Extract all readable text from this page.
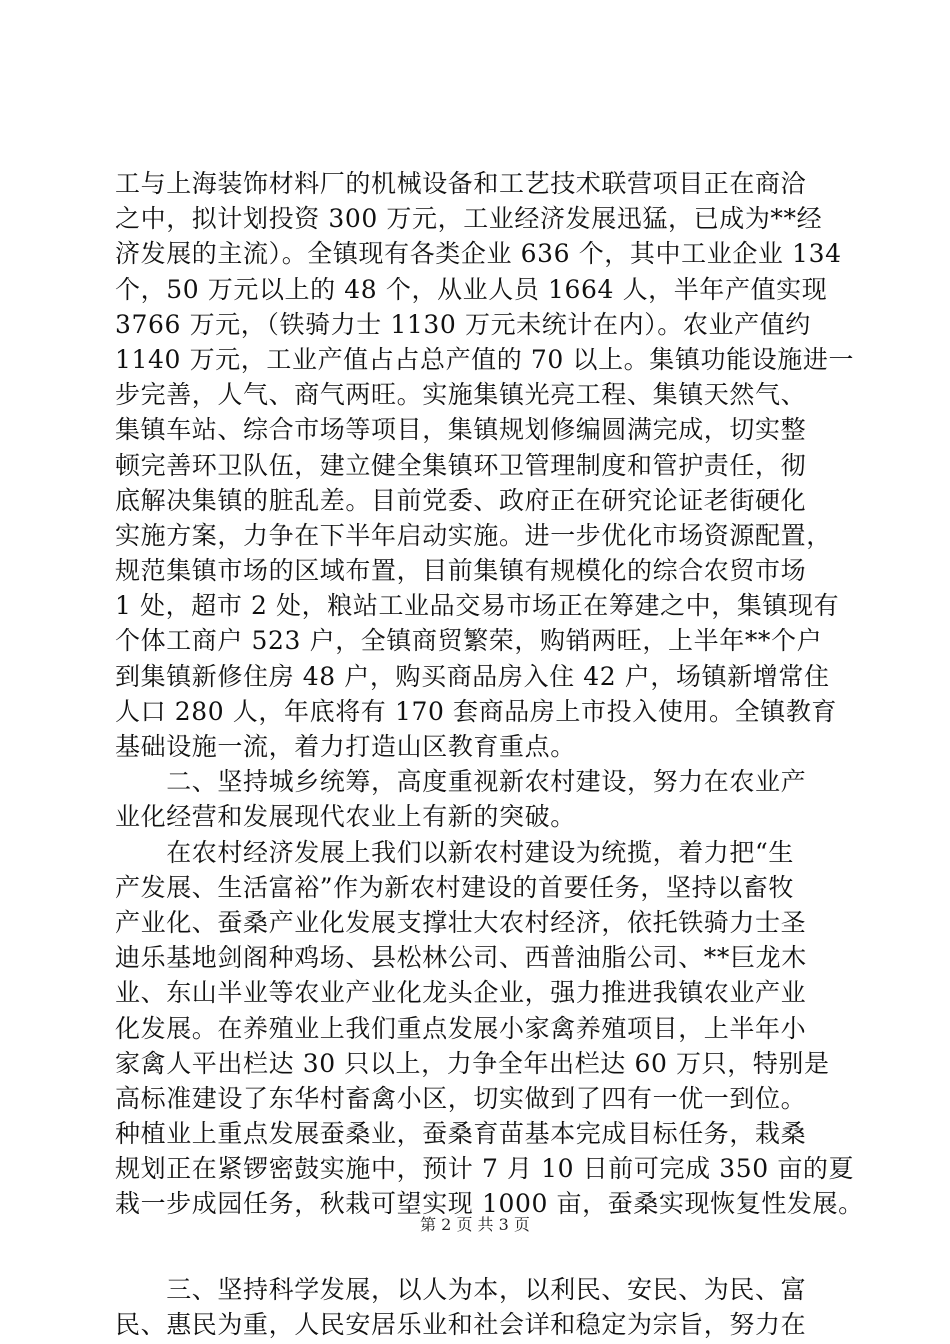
工与上海装饰材料厂的机械设备和工艺技术联营项目正在商洽
之中，拟计划投资 300 万元，工业经济发展迅猛，已成为**经
济发展的主流）。全镇现有各类企业 636 个，其中工业企业 134
个，50 万元以上的 48 个，从业人员 1664 人，半年产值实现
3766 万元，（铁骑力士 1130 万元未统计在内）。农业产值约
1140 万元，工业产值占占总产值的 70 以上。集镇功能设施进一
步完善，人气、商气两旺。实施集镇光亮工程、集镇天然气、
集镇车站、综合市场等项目，集镇规划修编圆满完成，切实整
顿完善环卫队伍，建立健全集镇环卫管理制度和管护责任，彻
底解决集镇的脏乱差。目前党委、政府正在研究论证老街硬化
实施方案，力争在下半年启动实施。进一步优化市场资源配置，
规范集镇市场的区域布置，目前集镇有规模化的综合农贸市场
1 处，超市 2 处，粮站工业品交易市场正在筹建之中，集镇现有
个体工商户 523 户，全镇商贸繁荣，购销两旺，上半年**个户
到集镇新修住房 48 户，购买商品房入住 42 户，场镇新增常住
人口 280 人，年底将有 170 套商品房上市投入使用。全镇教育
基础设施一流，着力打造山区教育重点。
　　二、坚持城乡统筹，高度重视新农村建设，努力在农业产
业化经营和发展现代农业上有新的突破。
　　在农村经济发展上我们以新农村建设为统揽，着力把“生
产发展、生活富裕”作为新农村建设的首要任务，坚持以畜牧
产业化、蚕桑产业化发展支撑壮大农村经济，依托铁骑力士圣
迪乐基地剑阁种鸡场、县松林公司、西普油脂公司、**巨龙木
业、东山半业等农业产业化龙头企业，强力推进我镇农业产业
化发展。在养殖业上我们重点发展小家禽养殖项目，上半年小
家禽人平出栏达 30 只以上，力争全年出栏达 60 万只，特别是
高标准建设了东华村畜禽小区，切实做到了四有一优一到位。
种植业上重点发展蚕桑业，蚕桑育苗基本完成目标任务，栽桑
规划正在紧锣密鼓实施中，预计 7 月 10 日前可完成 350 亩的夏
栽一步成园任务，秋栽可望实现 1000 亩，蚕桑实现恢复性发展。
　　三、坚持科学发展，以人为本，以利民、安民、为民、富
民、惠民为重，人民安居乐业和社会详和稳定为宗旨，努力在
第 2 页 共 3 页
